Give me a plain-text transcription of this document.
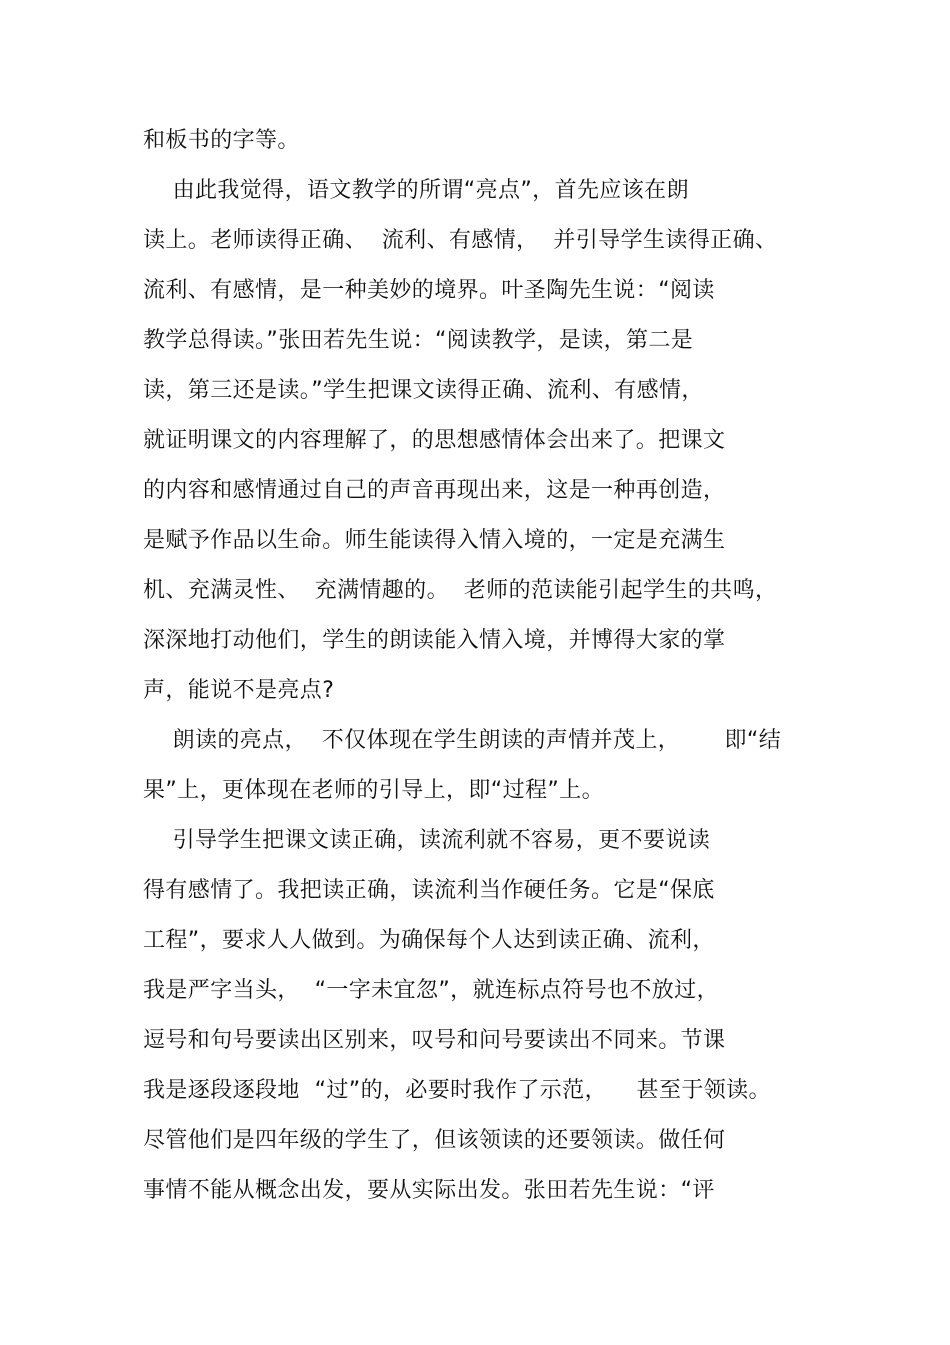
和板书的字等。
由此我觉得，语文教学的所谓“亮点”，首先应该在朗
读上。老师读得正确、  流利、有感情，  并引导学生读得正确、
流利、有感情，是一种美妙的境界。叶圣陶先生说：“阅读
教学总得读。”张田若先生说：“阅读教学，是读，第二是
读，第三还是读。”学生把课文读得正确、流利、有感情，
就证明课文的内容理解了，的思想感情体会出来了。把课文
的内容和感情通过自己的声音再现出来，这是一种再创造，
是赋予作品以生命。师生能读得入情入境的，一定是充满生
机、充满灵性、  充满情趣的。  老师的范读能引起学生的共鸣，
深深地打动他们，学生的朗读能入情入境，并博得大家的掌
声，能说不是亮点?
朗读的亮点，  不仅体现在学生朗读的声情并茂上，      即“结
果”上，更体现在老师的引导上，即“过程”上。
引导学生把课文读正确，读流利就不容易，更不要说读
得有感情了。我把读正确，读流利当作硬任务。它是“保底
工程”，要求人人做到。为确保每个人达到读正确、流利，
我是严字当头，  “一字未宜忽”，就连标点符号也不放过，
逗号和句号要读出区别来，叹号和问号要读出不同来。节课
我是逐段逐段地  “过”的，必要时我作了示范，    甚至于领读。
尽管他们是四年级的学生了，但该领读的还要领读。做任何
事情不能从概念出发，要从实际出发。张田若先生说：“评
